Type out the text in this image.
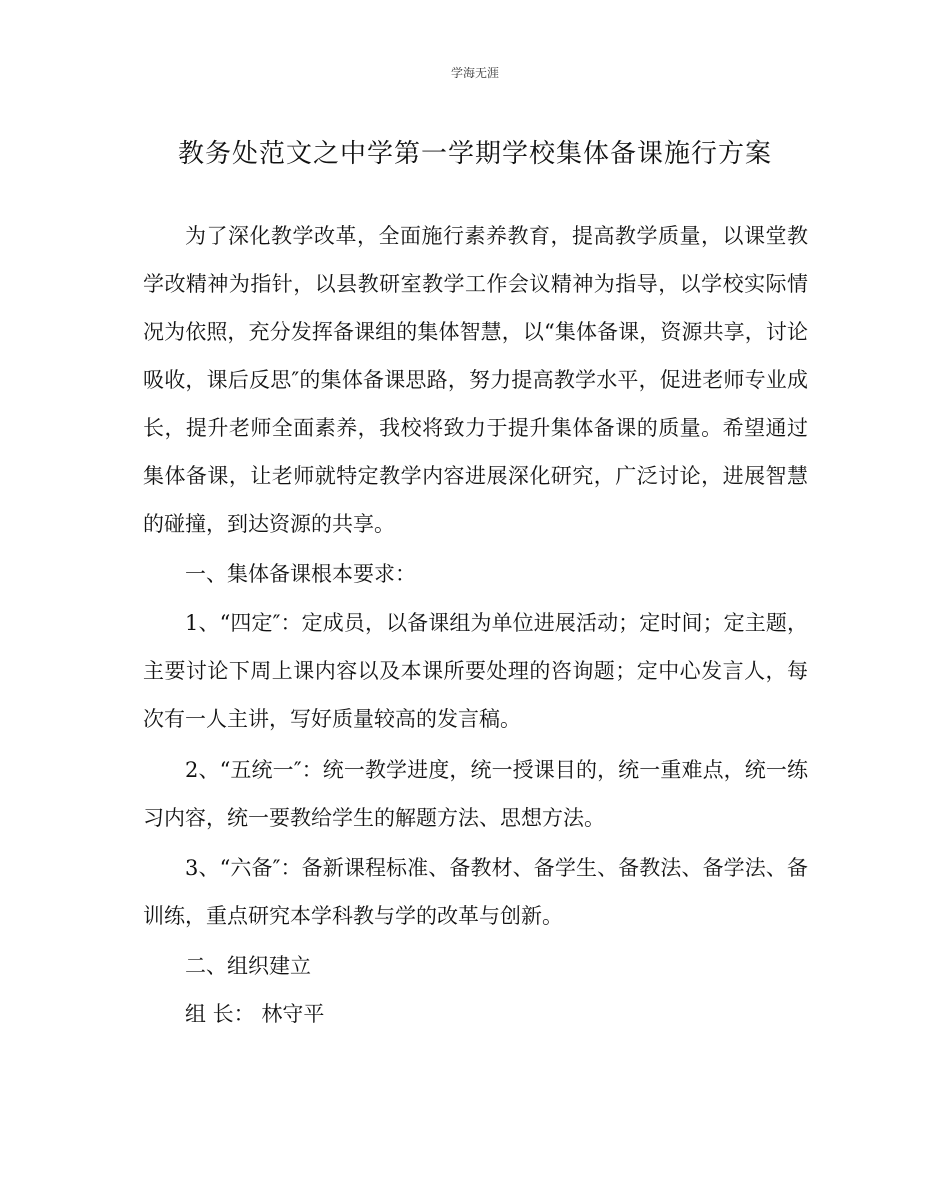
学海无涯
教务处范文之中学第一学期学校集体备课施行方案

为了深化教学改革，全面施行素养教育，提高教学质量，以课堂教学改精神为指针，以县教研室教学工作会议精神为指导，以学校实际情况为依照，充分发挥备课组的集体智慧，以“集体备课，资源共享，讨论吸收，课后反思″的集体备课思路，努力提高教学水平，促进老师专业成长，提升老师全面素养，我校将致力于提升集体备课的质量。希望通过集体备课，让老师就特定教学内容进展深化研究，广泛讨论，进展智慧的碰撞，到达资源的共享。

一、集体备课根本要求：

1、“四定″：定成员，以备课组为单位进展活动；定时间；定主题，主要讨论下周上课内容以及本课所要处理的咨询题；定中心发言人，每次有一人主讲，写好质量较高的发言稿。

2、“五统一″：统一教学进度，统一授课目的，统一重难点，统一练习内容，统一要教给学生的解题方法、思想方法。

3、“六备″：备新课程标准、备教材、备学生、备教法、备学法、备训练，重点研究本学科教与学的改革与创新。

二、组织建立

组 长： 林守平
